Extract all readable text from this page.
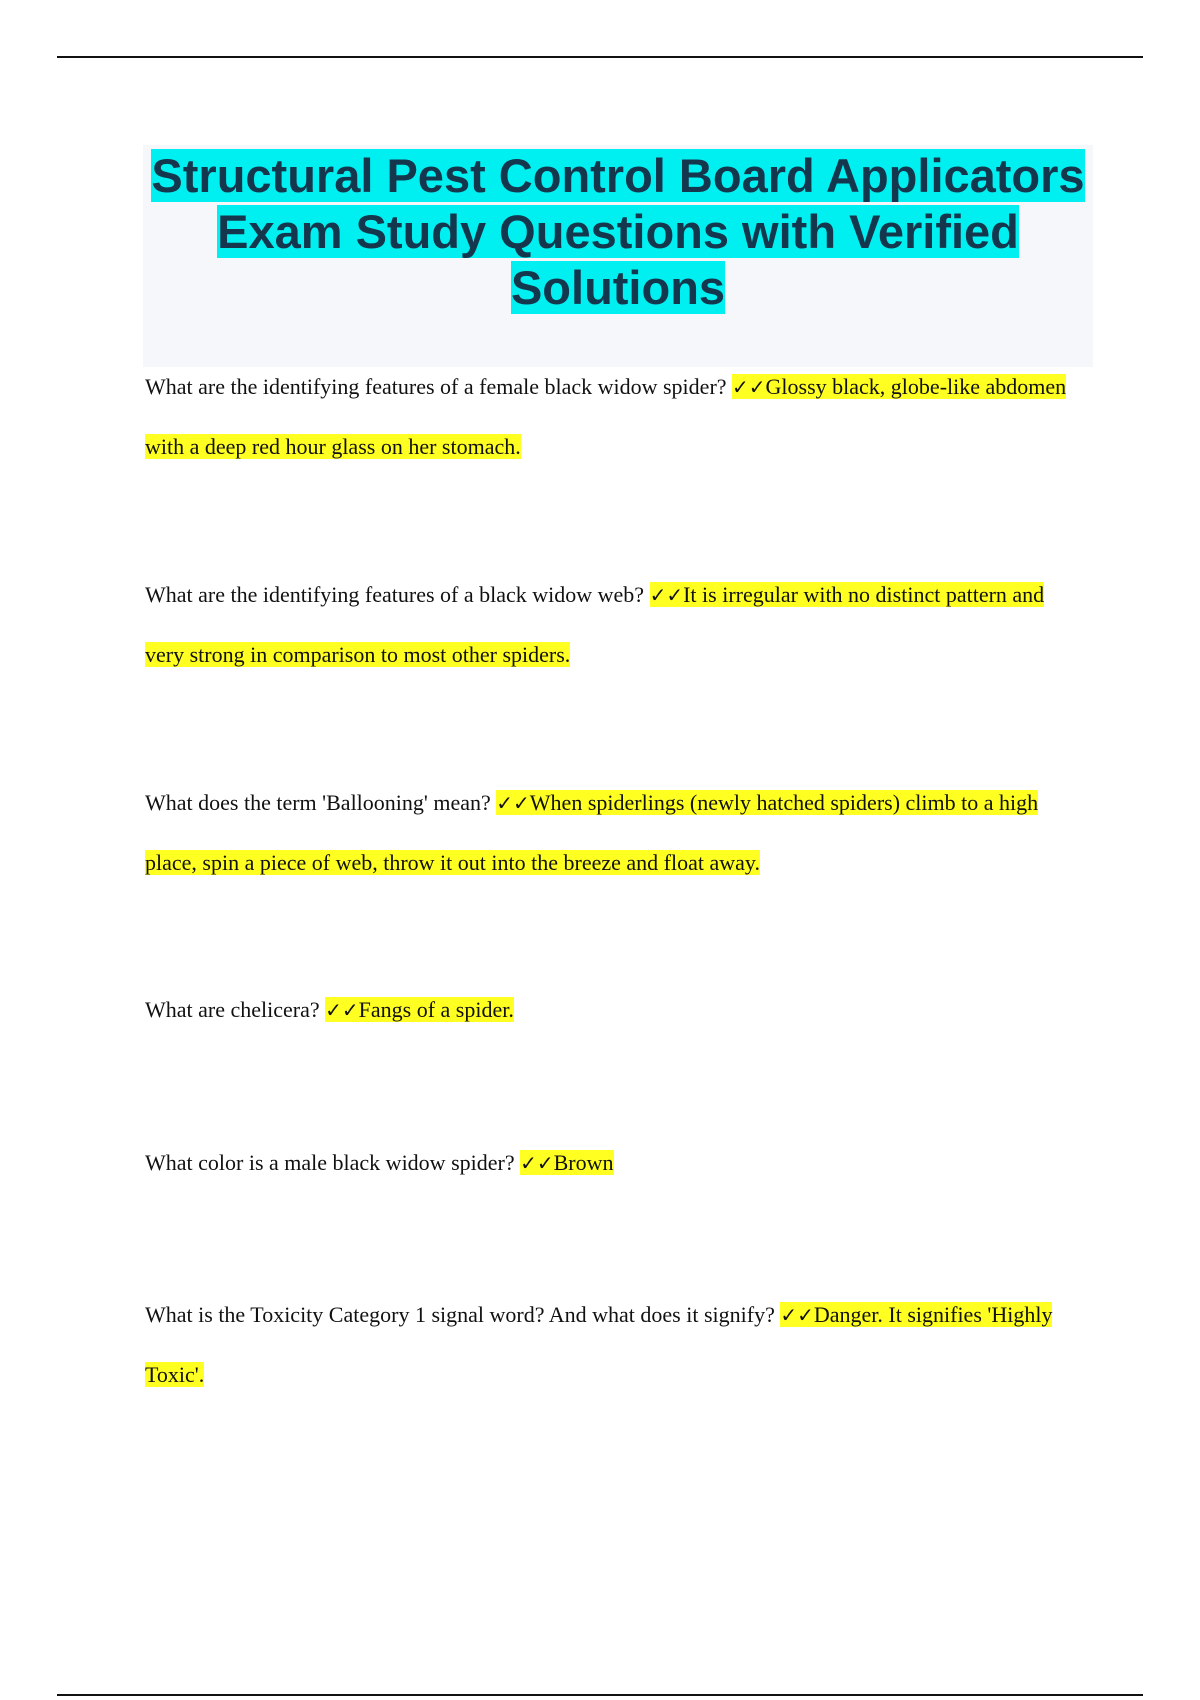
Structural Pest Control Board Applicators Exam Study Questions with Verified Solutions

What are the identifying features of a female black widow spider? ✓✓Glossy black, globe-like abdomen with a deep red hour glass on her stomach.

What are the identifying features of a black widow web? ✓✓It is irregular with no distinct pattern and very strong in comparison to most other spiders.

What does the term 'Ballooning' mean? ✓✓When spiderlings (newly hatched spiders) climb to a high place, spin a piece of web, throw it out into the breeze and float away.

What are chelicera? ✓✓Fangs of a spider.

What color is a male black widow spider? ✓✓Brown

What is the Toxicity Category 1 signal word? And what does it signify? ✓✓Danger. It signifies 'Highly Toxic'.
